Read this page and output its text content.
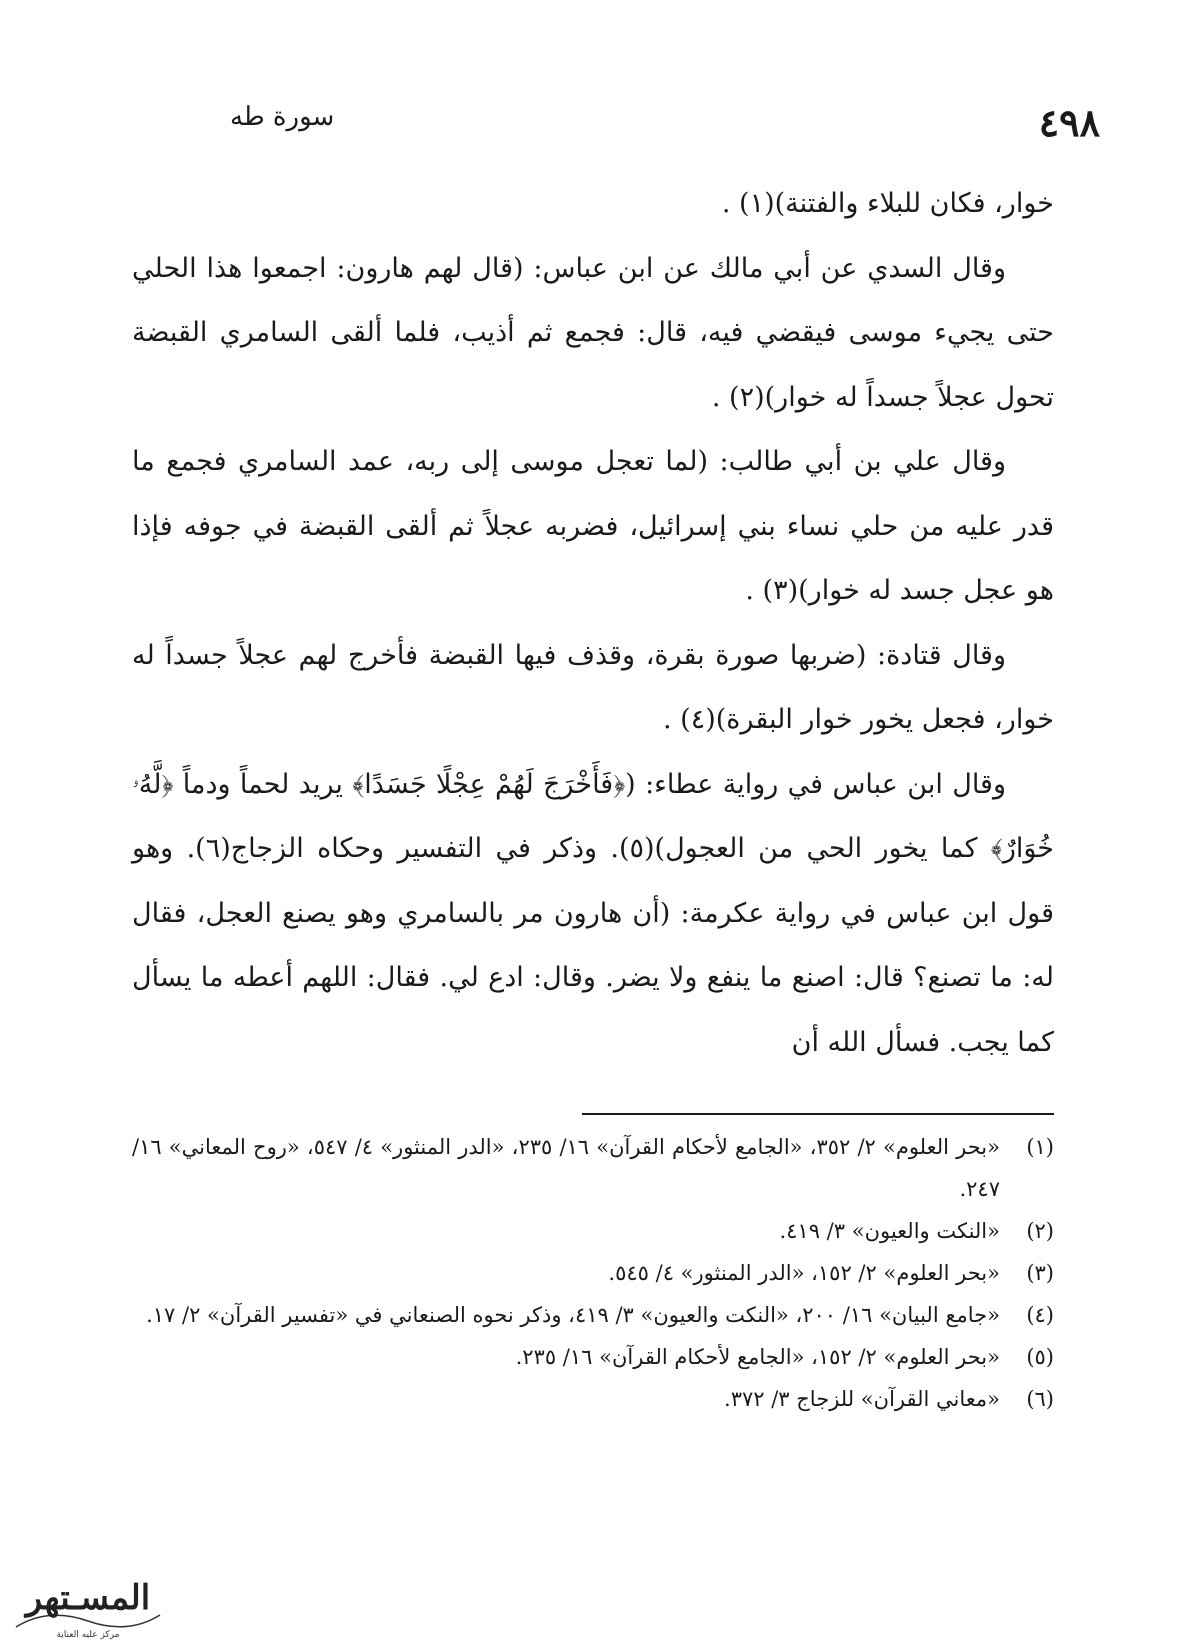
٤٩٨
سورة طه

خوار، فكان للبلاء والفتنة)(١) .

وقال السدي عن أبي مالك عن ابن عباس: (قال لهم هارون: اجمعوا هذا الحلي حتى يجيء موسى فيقضي فيه، قال: فجمع ثم أذيب، فلما ألقى السامري القبضة تحول عجلاً جسداً له خوار)(٢) .

وقال علي بن أبي طالب: (لما تعجل موسى إلى ربه، عمد السامري فجمع ما قدر عليه من حلي نساء بني إسرائيل، فضربه عجلاً ثم ألقى القبضة في جوفه فإذا هو عجل جسد له خوار)(٣) .

وقال قتادة: (ضربها صورة بقرة، وقذف فيها القبضة فأخرج لهم عجلاً جسداً له خوار، فجعل يخور خوار البقرة)(٤) .

وقال ابن عباس في رواية عطاء: (﴿فَأَخْرَجَ لَهُمْ عِجْلًا جَسَدًا﴾ يريد لحماً ودماً ﴿لَّهُۥ خُوَارٌ﴾ كما يخور الحي من العجول)(٥). وذكر في التفسير وحكاه الزجاج(٦). وهو قول ابن عباس في رواية عكرمة: (أن هارون مر بالسامري وهو يصنع العجل، فقال له: ما تصنع؟ قال: اصنع ما ينفع ولا يضر. وقال: ادع لي. فقال: اللهم أعطه ما يسأل كما يجب. فسأل الله أن

(١)
«بحر العلوم» ٢/ ٣٥٢، «الجامع لأحكام القرآن» ١٦/ ٢٣٥، «الدر المنثور» ٤/ ٥٤٧، «روح المعاني» ١٦/ ٢٤٧.
(٢)
«النكت والعيون» ٣/ ٤١٩.
(٣)
«بحر العلوم» ٢/ ١٥٢، «الدر المنثور» ٤/ ٥٤٥.
(٤)
«جامع البيان» ١٦/ ٢٠٠، «النكت والعيون» ٣/ ٤١٩، وذكر نحوه الصنعاني في «تفسير القرآن» ٢/ ١٧.
(٥)
«بحر العلوم» ٢/ ١٥٢، «الجامع لأحكام القرآن» ١٦/ ٢٣٥.
(٦)
«معاني القرآن» للزجاج ٣/ ٣٧٢.
المسـتهر
مركز عليه العناية
